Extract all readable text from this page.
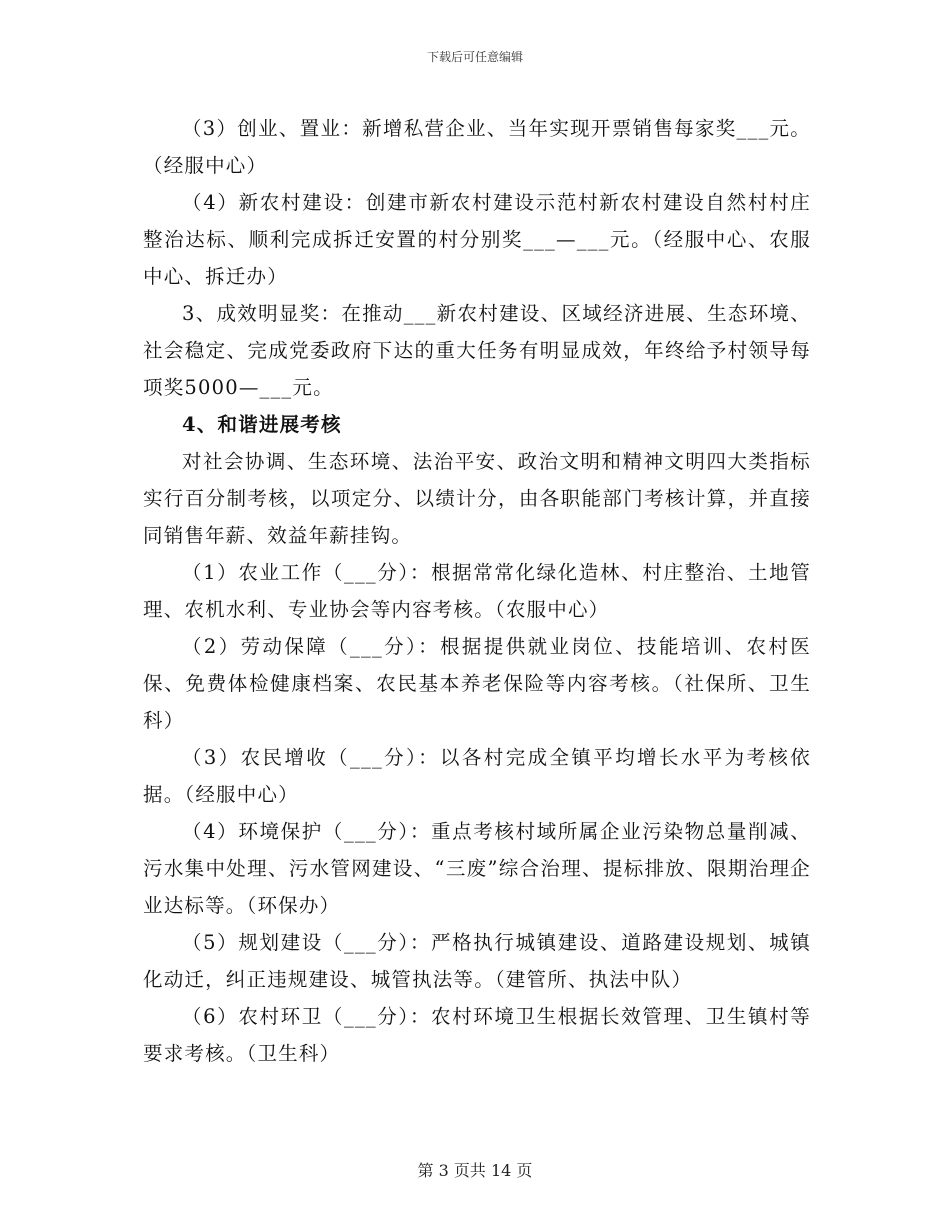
下载后可任意编辑

（3）创业、置业：新增私营企业、当年实现开票销售每家奖___元。（经服中心）

（4）新农村建设：创建市新农村建设示范村新农村建设自然村村庄整治达标、顺利完成拆迁安置的村分别奖___—___元。（经服中心、农服中心、拆迁办）

3、成效明显奖：在推动___新农村建设、区域经济进展、生态环境、社会稳定、完成党委政府下达的重大任务有明显成效，年终给予村领导每项奖5000—___元。

4、和谐进展考核

对社会协调、生态环境、法治平安、政治文明和精神文明四大类指标实行百分制考核，以项定分、以绩计分，由各职能部门考核计算，并直接同销售年薪、效益年薪挂钩。

（1）农业工作（___分）：根据常常化绿化造林、村庄整治、土地管理、农机水利、专业协会等内容考核。（农服中心）

（2）劳动保障（___分）：根据提供就业岗位、技能培训、农村医保、免费体检健康档案、农民基本养老保险等内容考核。（社保所、卫生科）

（3）农民增收（___分）：以各村完成全镇平均增长水平为考核依据。（经服中心）

（4）环境保护（___分）：重点考核村域所属企业污染物总量削减、污水集中处理、污水管网建设、“三废”综合治理、提标排放、限期治理企业达标等。（环保办）

（5）规划建设（___分）：严格执行城镇建设、道路建设规划、城镇化动迁，纠正违规建设、城管执法等。（建管所、执法中队）

（6）农村环卫（___分）：农村环境卫生根据长效管理、卫生镇村等要求考核。（卫生科）

第 3 页共 14 页
